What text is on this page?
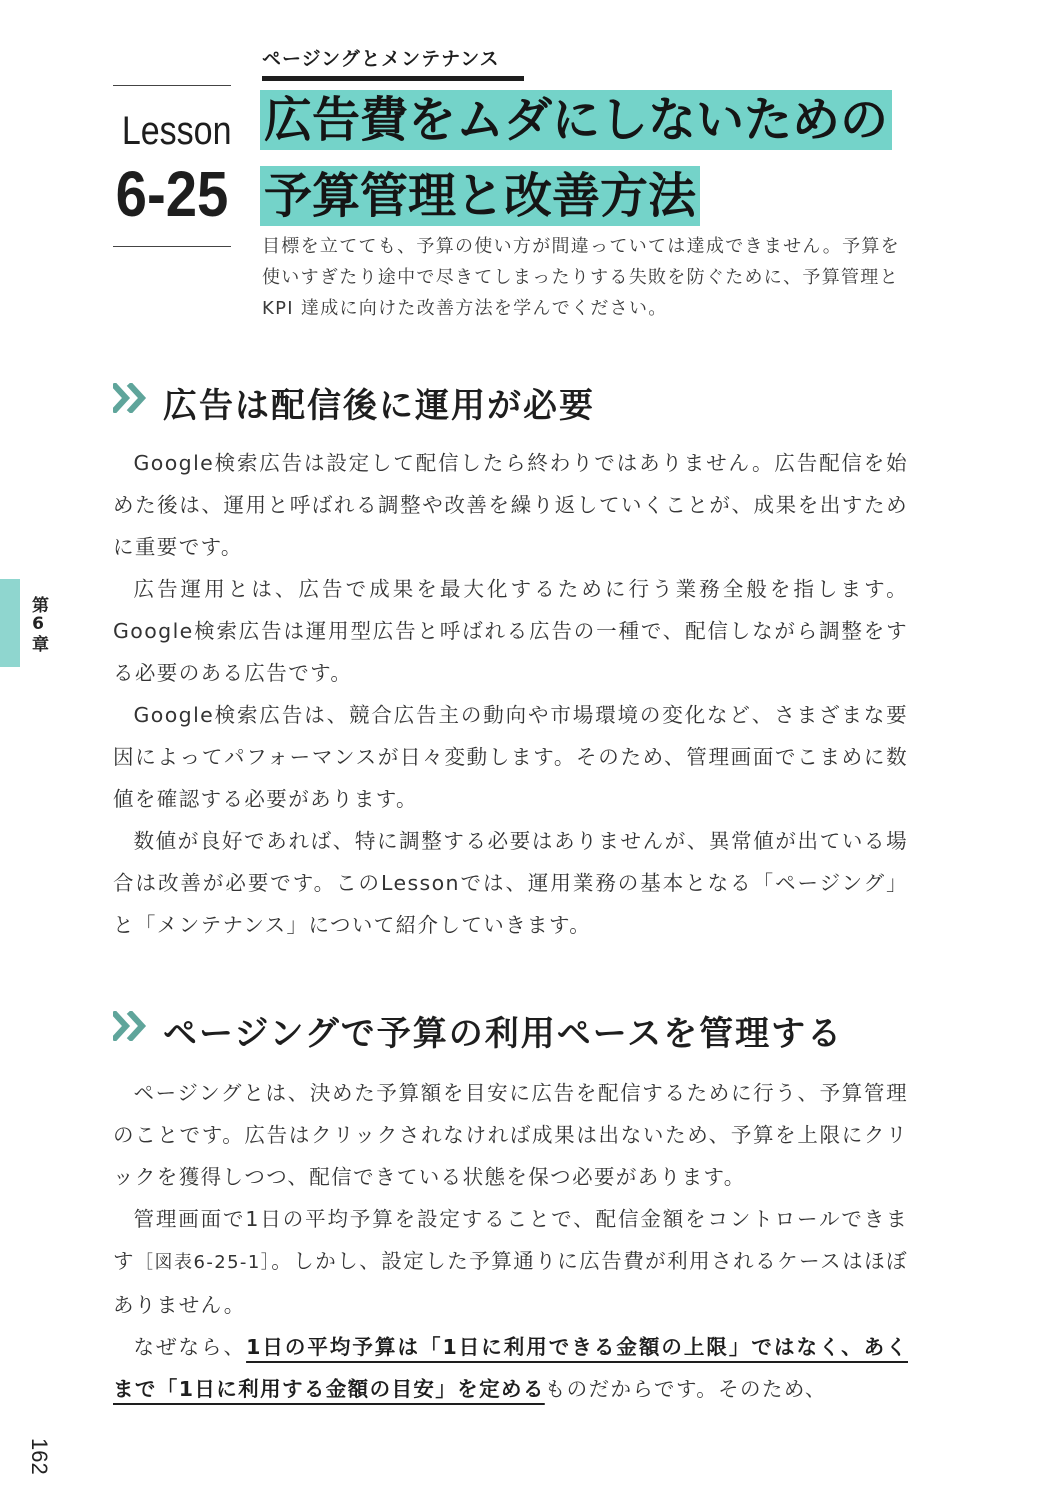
第6章
162
Lesson
6-25
ページングとメンテナンス
広告費をムダにしないための
予算管理と改善方法

目標を立てても、予算の使い方が間違っていては達成できません。予算を使いすぎたり途中で尽きてしまったりする失敗を防ぐために、予算管理と KPI 達成に向けた改善方法を学んでください。

広告は配信後に運用が必要

Google検索広告は設定して配信したら終わりではありません。広告配信を始めた後は、運用と呼ばれる調整や改善を繰り返していくことが、成果を出すために重要です。

広告運用とは、広告で成果を最大化するために行う業務全般を指します。Google検索広告は運用型広告と呼ばれる広告の一種で、配信しながら調整をする必要のある広告です。

Google検索広告は、競合広告主の動向や市場環境の変化など、さまざまな要因によってパフォーマンスが日々変動します。そのため、管理画面でこまめに数値を確認する必要があります。

数値が良好であれば、特に調整する必要はありませんが、異常値が出ている場合は改善が必要です。このLessonでは、運用業務の基本となる「ページング」と「メンテナンス」について紹介していきます。

ページングで予算の利用ペースを管理する

ページングとは、決めた予算額を目安に広告を配信するために行う、予算管理のことです。広告はクリックされなければ成果は出ないため、予算を上限にクリックを獲得しつつ、配信できている状態を保つ必要があります。

管理画面で1日の平均予算を設定することで、配信金額をコントロールできます［図表6-25-1］。しかし、設定した予算通りに広告費が利用されるケースはほぼありません。

なぜなら、1日の平均予算は「1日に利用できる金額の上限」ではなく、あくまで「1日に利用する金額の目安」を定めるものだからです。そのため、
